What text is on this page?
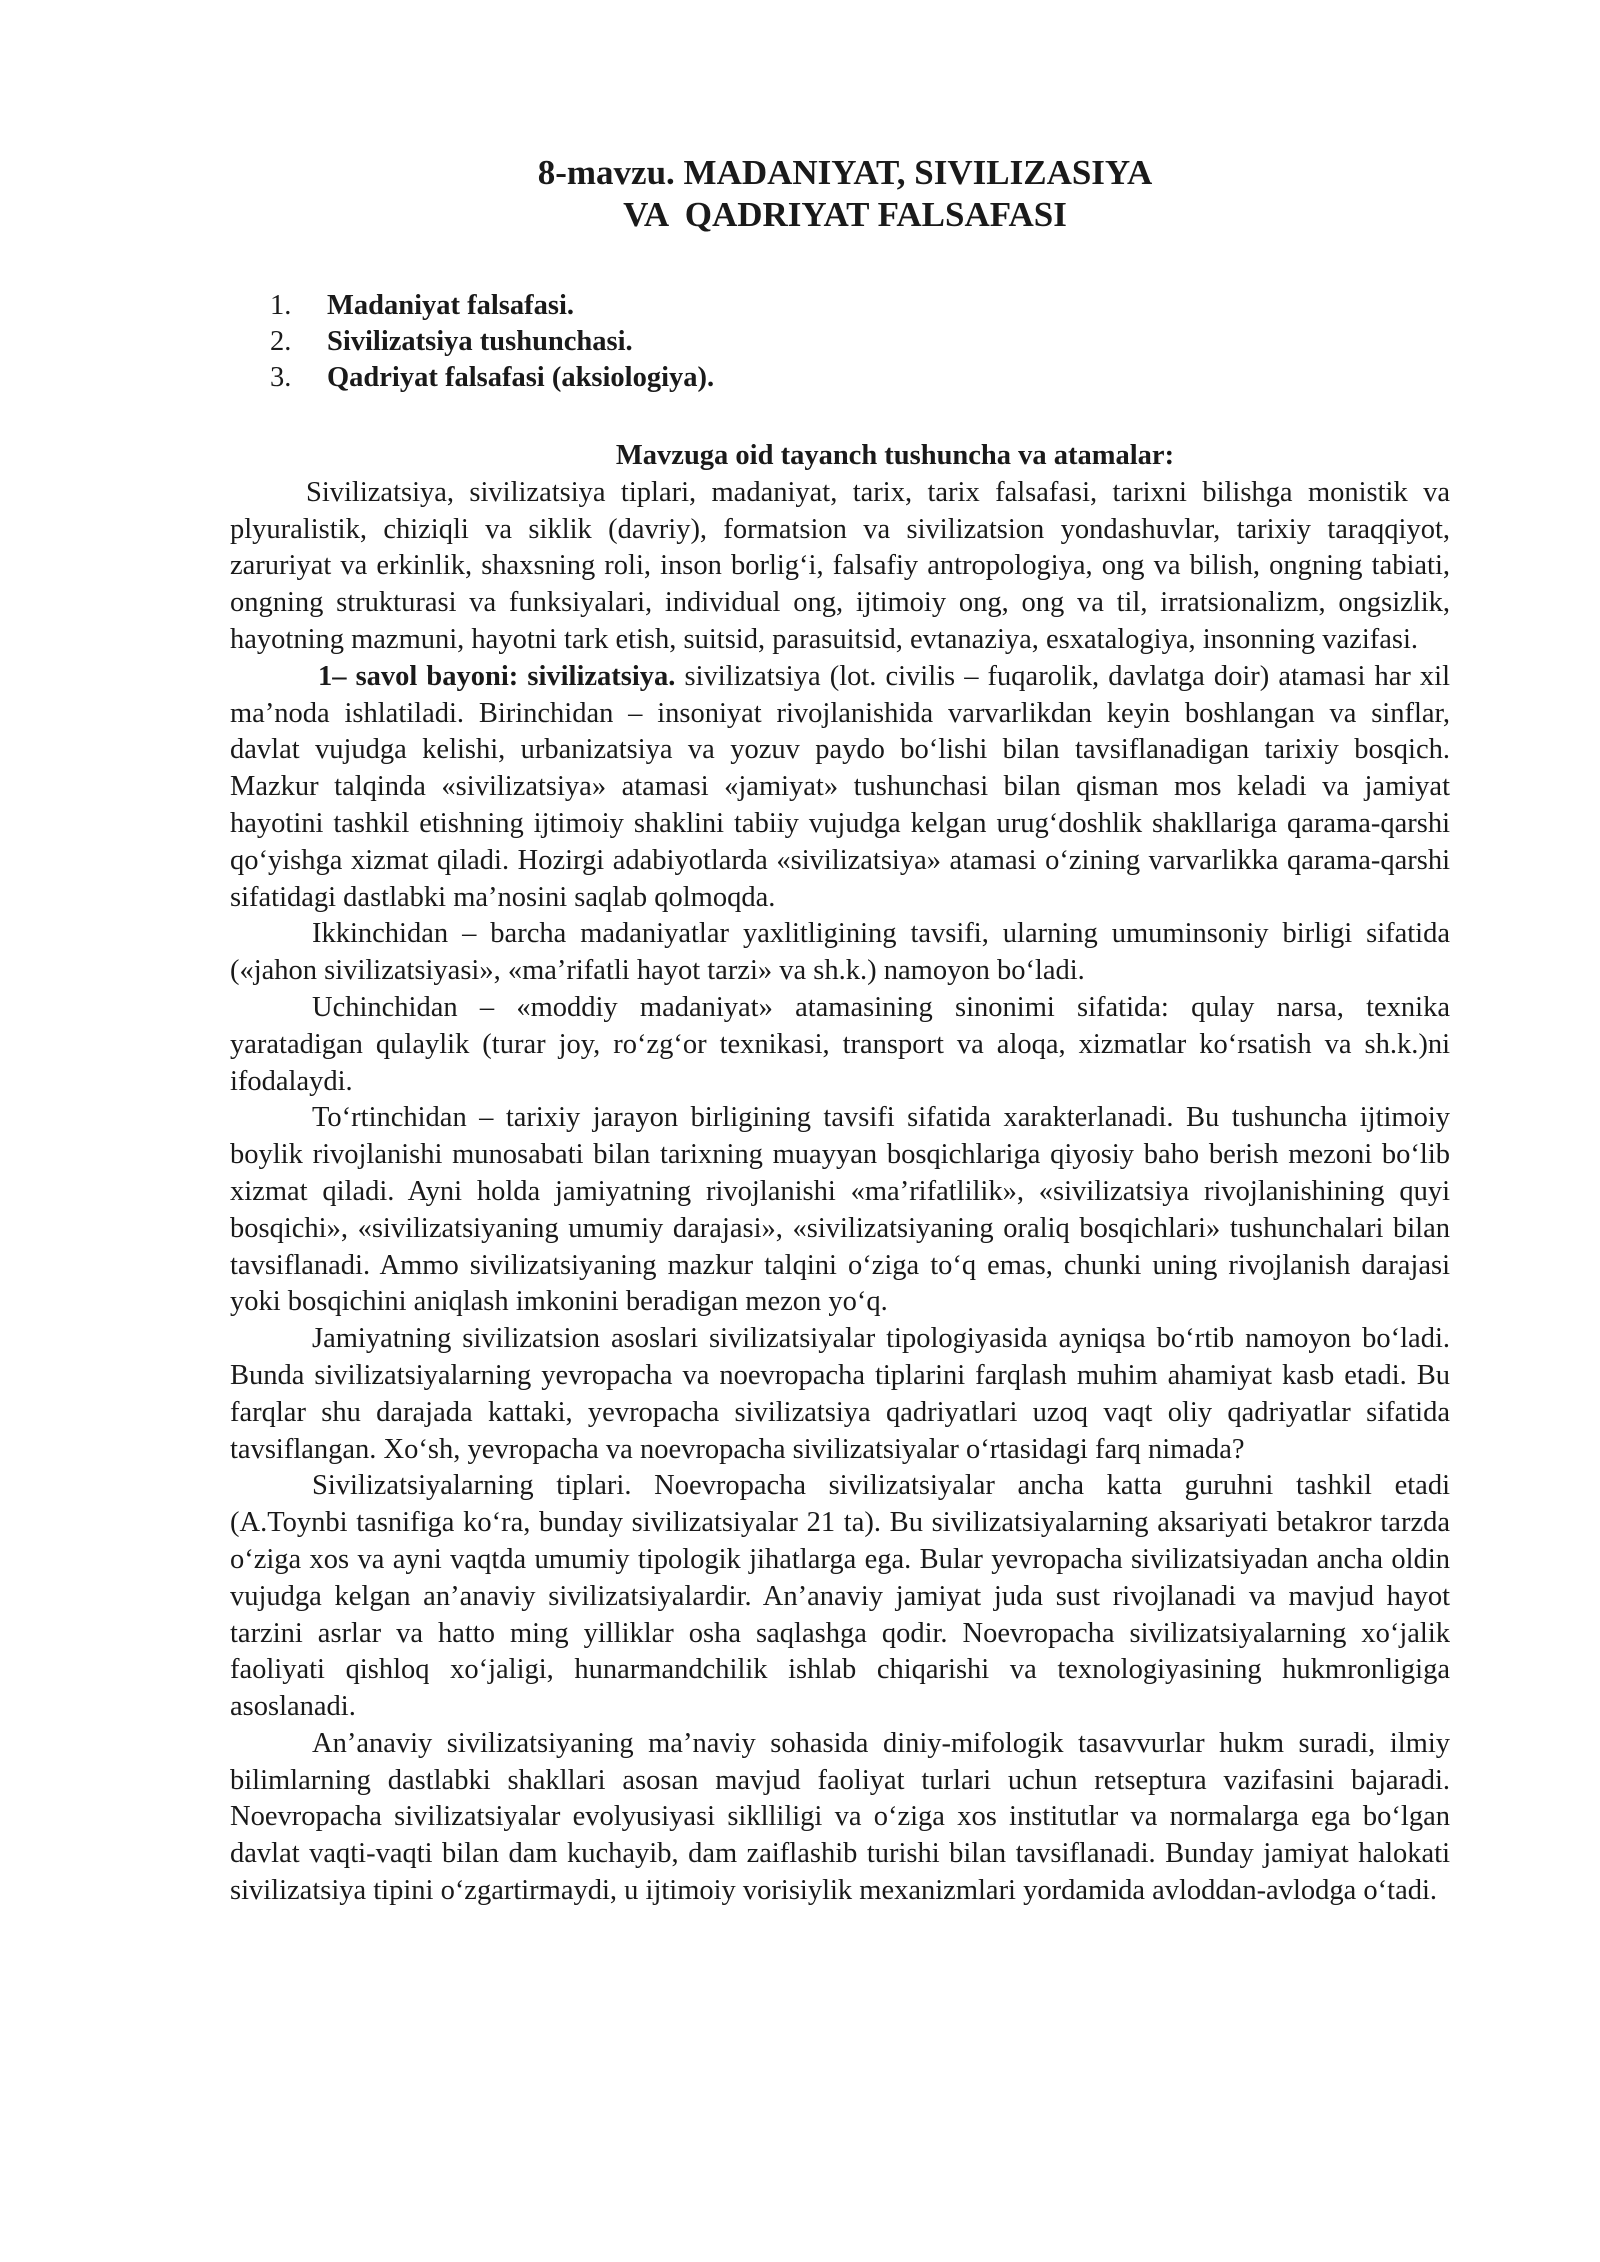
8-mavzu. MADANIYAT, SIVILIZASIYA
VA  QADRIYAT FALSAFASI
1.	Madaniyat falsafasi.
2.	Sivilizatsiya tushunchasi.
3.	Qadriyat falsafasi (aksiologiya).

Mavzuga oid tayanch tushuncha va atamalar:

Sivilizatsiya, sivilizatsiya tiplari, madaniyat, tarix, tarix falsafasi, tarixni bilishga monistik va plyuralistik, chiziqli va siklik (davriy), formatsion va sivilizatsion yondashuvlar, tarixiy taraqqiyot, zaruriyat va erkinlik, shaxsning roli, inson borlig‘i, falsafiy antropologiya, ong va bilish, ongning tabiati, ongning strukturasi va funksiyalari, individual ong, ijtimoiy ong, ong va til, irratsionalizm, ongsizlik, hayotning mazmuni, hayotni tark etish, suitsid, parasuitsid, evtanaziya, esxatalogiya, insonning vazifasi.

1– savol bayoni: sivilizatsiya. sivilizatsiya (lot. civilis – fuqarolik, davlatga doir) atamasi har xil ma’noda ishlatiladi. Birinchidan – insoniyat rivojlanishida varvarlikdan keyin boshlangan va sinflar, davlat vujudga kelishi, urbanizatsiya va yozuv paydo bo‘lishi bilan tavsiflanadigan tarixiy bosqich. Mazkur talqinda «sivilizatsiya» atamasi «jamiyat» tushunchasi bilan qisman mos keladi va jamiyat hayotini tashkil etishning ijtimoiy shaklini tabiiy vujudga kelgan urug‘doshlik shakllariga qarama-qarshi qo‘yishga xizmat qiladi. Hozirgi adabiyotlarda «sivilizatsiya» atamasi o‘zining varvarlikka qarama-qarshi sifatidagi dastlabki ma’nosini saqlab qolmoqda.

Ikkinchidan – barcha madaniyatlar yaxlitligining tavsifi, ularning umuminsoniy birligi sifatida («jahon sivilizatsiyasi», «ma’rifatli hayot tarzi» va sh.k.) namoyon bo‘ladi.

Uchinchidan – «moddiy madaniyat» atamasining sinonimi sifatida: qulay narsa, texnika yaratadigan qulaylik (turar joy, ro‘zg‘or texnikasi, transport va aloqa, xizmatlar ko‘rsatish va sh.k.)ni ifodalaydi.

To‘rtinchidan – tarixiy jarayon birligining tavsifi sifatida xarakterlanadi. Bu tushuncha ijtimoiy boylik rivojlanishi munosabati bilan tarixning muayyan bosqichlariga qiyosiy baho berish mezoni bo‘lib xizmat qiladi. Ayni holda jamiyatning rivojlanishi «ma’rifatlilik», «sivilizatsiya rivojlanishining quyi bosqichi», «sivilizatsiyaning umumiy darajasi», «sivilizatsiyaning oraliq bosqichlari» tushunchalari bilan tavsiflanadi. Ammo sivilizatsiyaning mazkur talqini o‘ziga to‘q emas, chunki uning rivojlanish darajasi yoki bosqichini aniqlash imkonini beradigan mezon yo‘q.

Jamiyatning sivilizatsion asoslari sivilizatsiyalar tipologiyasida ayniqsa bo‘rtib namoyon bo‘ladi. Bunda sivilizatsiyalarning yevropacha va noevropacha tiplarini farqlash muhim ahamiyat kasb etadi. Bu farqlar shu darajada kattaki, yevropacha sivilizatsiya qadriyatlari uzoq vaqt oliy qadriyatlar sifatida tavsiflangan. Xo‘sh, yevropacha va noevropacha sivilizatsiyalar o‘rtasidagi farq nimada?

Sivilizatsiyalarning tiplari. Noevropacha sivilizatsiyalar ancha katta guruhni tashkil etadi (A.Toynbi tasnifiga ko‘ra, bunday sivilizatsiyalar 21 ta). Bu sivilizatsiyalarning aksariyati betakror tarzda o‘ziga xos va ayni vaqtda umumiy tipologik jihatlarga ega. Bular yevropacha sivilizatsiyadan ancha oldin vujudga kelgan an’anaviy sivilizatsiyalardir. An’anaviy jamiyat juda sust rivojlanadi va mavjud hayot tarzini asrlar va hatto ming yilliklar osha saqlashga qodir. Noevropacha sivilizatsiyalarning xo‘jalik faoliyati qishloq xo‘jaligi, hunarmandchilik ishlab chiqarishi va texnologiyasining hukmronligiga asoslanadi.

An’anaviy sivilizatsiyaning ma’naviy sohasida diniy-mifologik tasavvurlar hukm suradi, ilmiy bilimlarning dastlabki shakllari asosan mavjud faoliyat turlari uchun retseptura vazifasini bajaradi. Noevropacha sivilizatsiyalar evolyusiyasi siklliligi va o‘ziga xos institutlar va normalarga ega bo‘lgan davlat vaqti-vaqti bilan dam kuchayib, dam zaiflashib turishi bilan tavsiflanadi. Bunday jamiyat halokati sivilizatsiya tipini o‘zgartirmaydi, u ijtimoiy vorisiylik mexanizmlari yordamida avloddan-avlodga o‘tadi.
